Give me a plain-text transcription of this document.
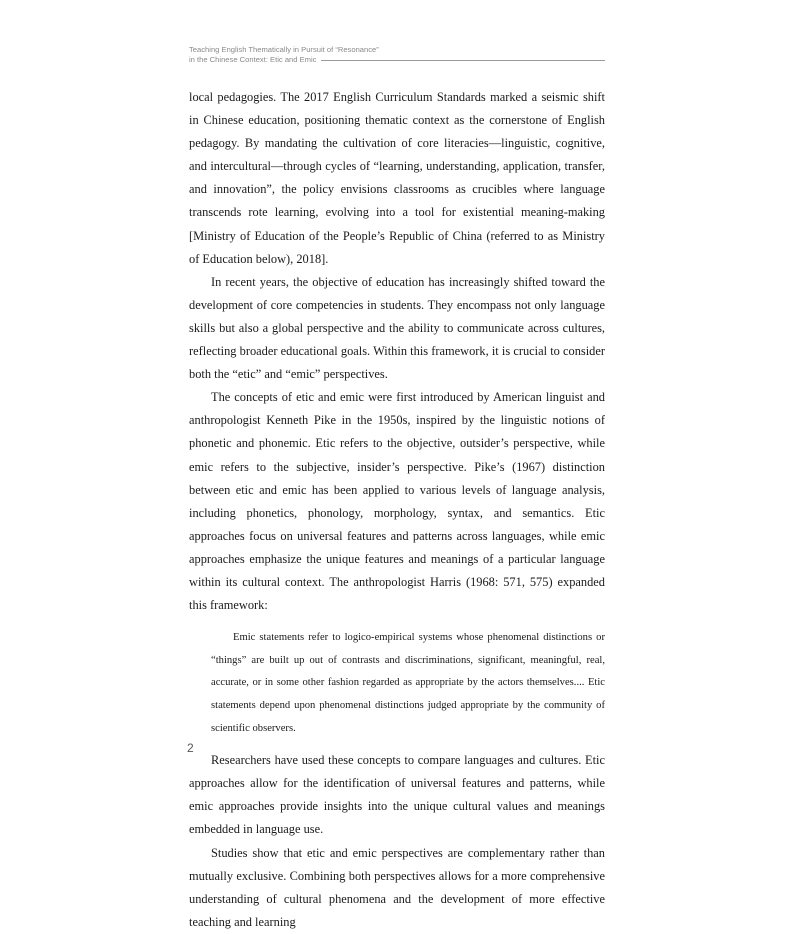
Teaching English Thematically in Pursuit of “Resonance”
in the Chinese Context: Etic and Emic

local pedagogies. The 2017 English Curriculum Standards marked a seismic shift in Chinese education, positioning thematic context as the cornerstone of English pedagogy. By mandating the cultivation of core literacies—linguistic, cognitive, and intercultural—through cycles of “learning, understanding, application, transfer, and innovation”, the policy envisions classrooms as crucibles where language transcends rote learning, evolving into a tool for existential meaning-making [Ministry of Education of the People’s Republic of China (referred to as Ministry of Education below), 2018].

In recent years, the objective of education has increasingly shifted toward the development of core competencies in students. They encompass not only language skills but also a global perspective and the ability to communicate across cultures, reflecting broader educational goals. Within this framework, it is crucial to consider both the “etic” and “emic” perspectives.

The concepts of etic and emic were first introduced by American linguist and anthropologist Kenneth Pike in the 1950s, inspired by the linguistic notions of phonetic and phonemic. Etic refers to the objective, outsider’s perspective, while emic refers to the subjective, insider’s perspective. Pike’s (1967) distinction between etic and emic has been applied to various levels of language analysis, including phonetics, phonology, morphology, syntax, and semantics. Etic approaches focus on universal features and patterns across languages, while emic approaches emphasize the unique features and meanings of a particular language within its cultural context. The anthropologist Harris (1968: 571, 575) expanded this framework:

Emic statements refer to logico-empirical systems whose phenomenal distinctions or “things” are built up out of contrasts and discriminations, significant, meaningful, real, accurate, or in some other fashion regarded as appropriate by the actors themselves.... Etic statements depend upon phenomenal distinctions judged appropriate by the community of scientific observers.

Researchers have used these concepts to compare languages and cultures. Etic approaches allow for the identification of universal features and patterns, while emic approaches provide insights into the unique cultural values and meanings embedded in language use.

Studies show that etic and emic perspectives are complementary rather than mutually exclusive. Combining both perspectives allows for a more comprehensive understanding of cultural phenomena and the development of more effective teaching and learning

2
